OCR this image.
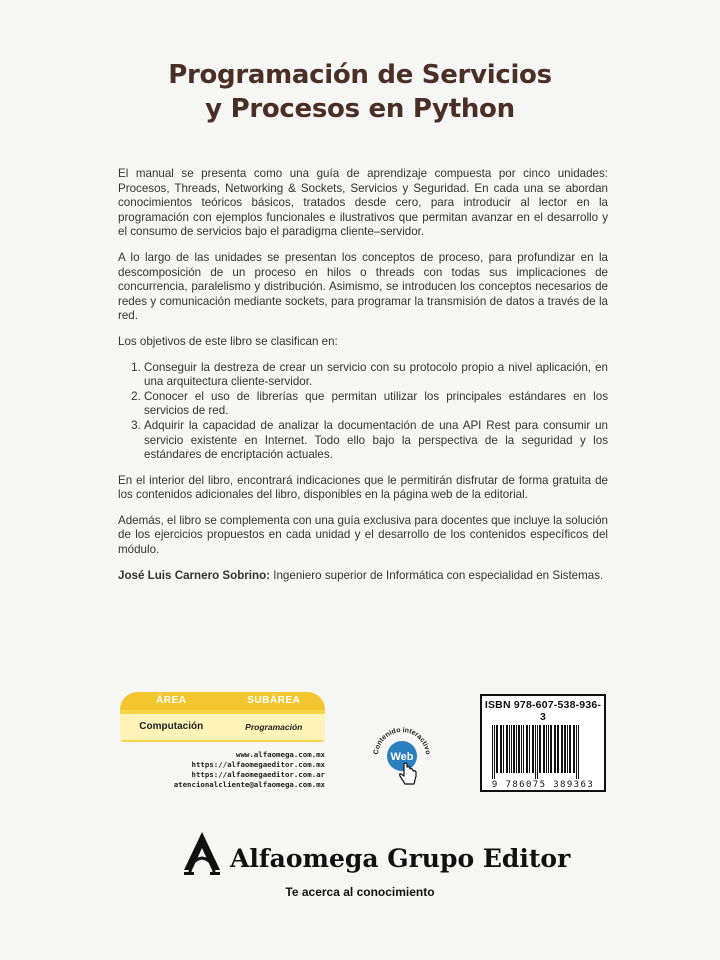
Programación de Servicios
y Procesos en Python

El manual se presenta como una guía de aprendizaje compuesta por cinco unidades: Procesos, Threads, Networking & Sockets, Servicios y Seguridad. En cada una se abordan conocimientos teóricos básicos, tratados desde cero, para introducir al lector en la programación con ejemplos funcionales e ilustrativos que permitan avanzar en el desarrollo y el consumo de servicios bajo el paradigma cliente–servidor.

A lo largo de las unidades se presentan los conceptos de proceso, para profundizar en la descomposición de un proceso en hilos o threads con todas sus implicaciones de concurrencia, paralelismo y distribución. Asimismo, se introducen los conceptos necesarios de redes y comunicación mediante sockets, para programar la transmisión de datos a través de la red.

Los objetivos de este libro se clasifican en:

1. Conseguir la destreza de crear un servicio con su protocolo propio a nivel aplicación, en una arquitectura cliente-servidor.
2. Conocer el uso de librerías que permitan utilizar los principales estándares en los servicios de red.
3. Adquirir la capacidad de analizar la documentación de una API Rest para consumir un servicio existente en Internet. Todo ello bajo la perspectiva de la seguridad y los estándares de encriptación actuales.

En el interior del libro, encontrará indicaciones que le permitirán disfrutar de forma gratuita de los contenidos adicionales del libro, disponibles en la página web de la editorial.

Además, el libro se complementa con una guía exclusiva para docentes que incluye la solución de los ejercicios propuestos en cada unidad y el desarrollo de los contenidos específicos del módulo.

José Luis Carnero Sobrino: Ingeniero superior de Informática con especialidad en Sistemas.

ÁREA	SUBÁREA
Computación	Programación
www.alfaomega.com.mx
https://alfaomegaeditor.com.mx
https://alfaomegaeditor.com.ar
atencionalcliente@alfaomega.com.mx
Contenido interactivo
Web
ISBN 978-607-538-936-3
9 786075 389363
Alfaomega Grupo Editor
Te acerca al conocimiento
